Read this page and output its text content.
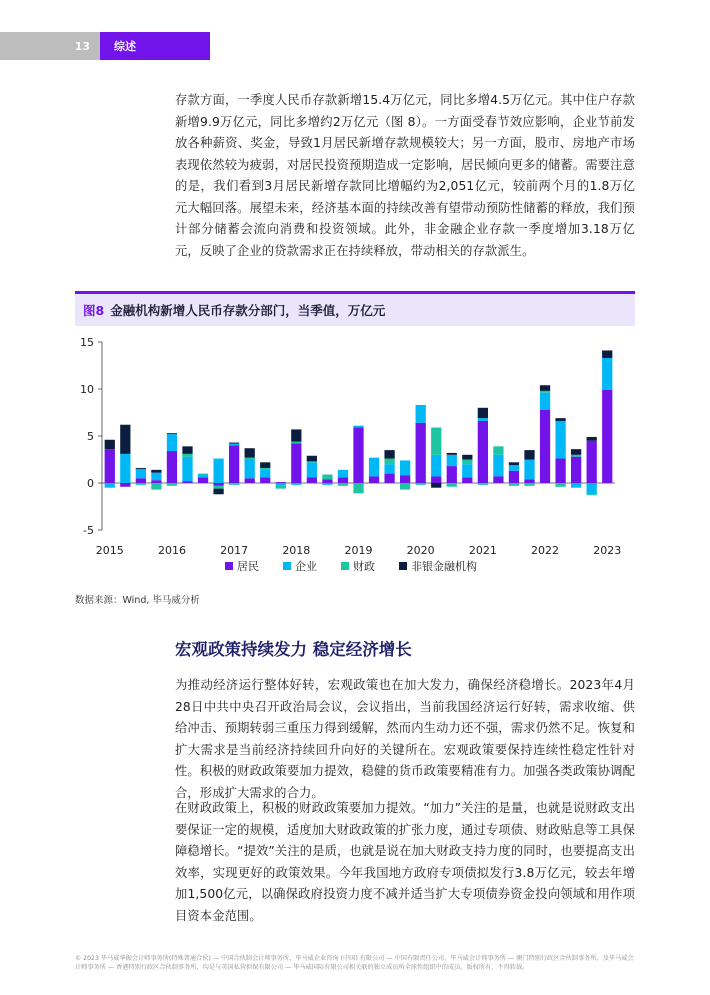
13	综述

存款方面，一季度人民币存款新增15.4万亿元，同比多增4.5万亿元。其中住户存款新增9.9万亿元，同比多增约2万亿元（图 8）。一方面受春节效应影响，企业节前发放各种薪资、奖金，导致1月居民新增存款规模较大；另一方面，股市、房地产市场表现依然较为疲弱，对居民投资预期造成一定影响，居民倾向更多的储蓄。需要注意的是，我们看到3月居民新增存款同比增幅约为2,051亿元，较前两个月的1.8万亿元大幅回落。展望未来，经济基本面的持续改善有望带动预防性储蓄的释放，我们预计部分储蓄会流向消费和投资领域。此外，非金融企业存款一季度增加3.18万亿元，反映了企业的贷款需求正在持续释放，带动相关的存款派生。

图8 金融机构新增人民币存款分部门，当季值，万亿元
-5
0
5
10
15
2015	2016	2017	2018	2019	2020	2021	2022	2023
居民	企业	财政	非银金融机构
数据来源：Wind, 毕马威分析
宏观政策持续发力 稳定经济增长

为推动经济运行整体好转，宏观政策也在加大发力，确保经济稳增长。2023年4月28日中共中央召开政治局会议，会议指出，当前我国经济运行好转，需求收缩、供给冲击、预期转弱三重压力得到缓解，然而内生动力还不强，需求仍然不足。恢复和扩大需求是当前经济持续回升向好的关键所在。宏观政策要保持连续性稳定性针对性。积极的财政政策要加力提效，稳健的货币政策要精准有力。加强各类政策协调配合，形成扩大需求的合力。

在财政政策上，积极的财政政策要加力提效。“加力”关注的是量，也就是说财政支出要保证一定的规模，适度加大财政政策的扩张力度，通过专项债、财政贴息等工具保障稳增长。“提效”关注的是质，也就是说在加大财政支持力度的同时，也要提高支出效率，实现更好的政策效果。今年我国地方政府专项债拟发行3.8万亿元，较去年增加1,500亿元，以确保政府投资力度不减并适当扩大专项债券资金投向领域和用作项目资本金范围。

© 2023 毕马威华振会计师事务所(特殊普通合伙) — 中国合伙制会计师事务所，毕马威企业咨询 (中国) 有限公司 — 中国有限责任公司，毕马威会计师事务所 — 澳门特别行政区合伙制事务所，及毕马威会计师事务所 — 香港特别行政区合伙制事务所，均是与英国私营担保有限公司 — 毕马威国际有限公司相关联的独立成员所全球性组织中的成员。版权所有，不得转载。
